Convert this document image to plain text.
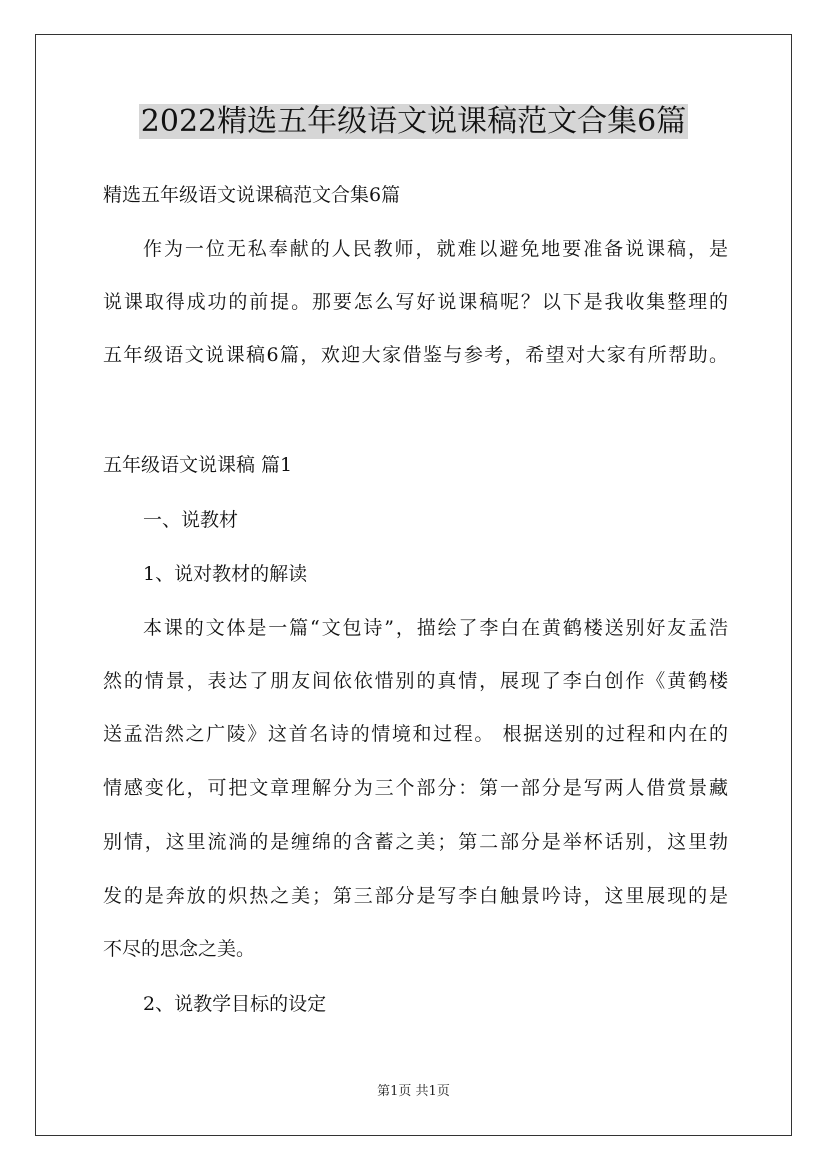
2022精选五年级语文说课稿范文合集6篇
精选五年级语文说课稿范文合集6篇
作为一位无私奉献的人民教师，就难以避免地要准备说课稿，是
说课取得成功的前提。那要怎么写好说课稿呢？以下是我收集整理的
五年级语文说课稿6篇，欢迎大家借鉴与参考，希望对大家有所帮助。
五年级语文说课稿 篇1
一、说教材
1、说对教材的解读
本课的文体是一篇“文包诗”，描绘了李白在黄鹤楼送别好友孟浩
然的情景，表达了朋友间依依惜别的真情，展现了李白创作《黄鹤楼
送孟浩然之广陵》这首名诗的情境和过程。 根据送别的过程和内在的
情感变化，可把文章理解分为三个部分：第一部分是写两人借赏景藏
别情，这里流淌的是缠绵的含蓄之美；第二部分是举杯话别，这里勃
发的是奔放的炽热之美；第三部分是写李白触景吟诗，这里展现的是
不尽的思念之美。
2、说教学目标的设定
第1页 共1页
